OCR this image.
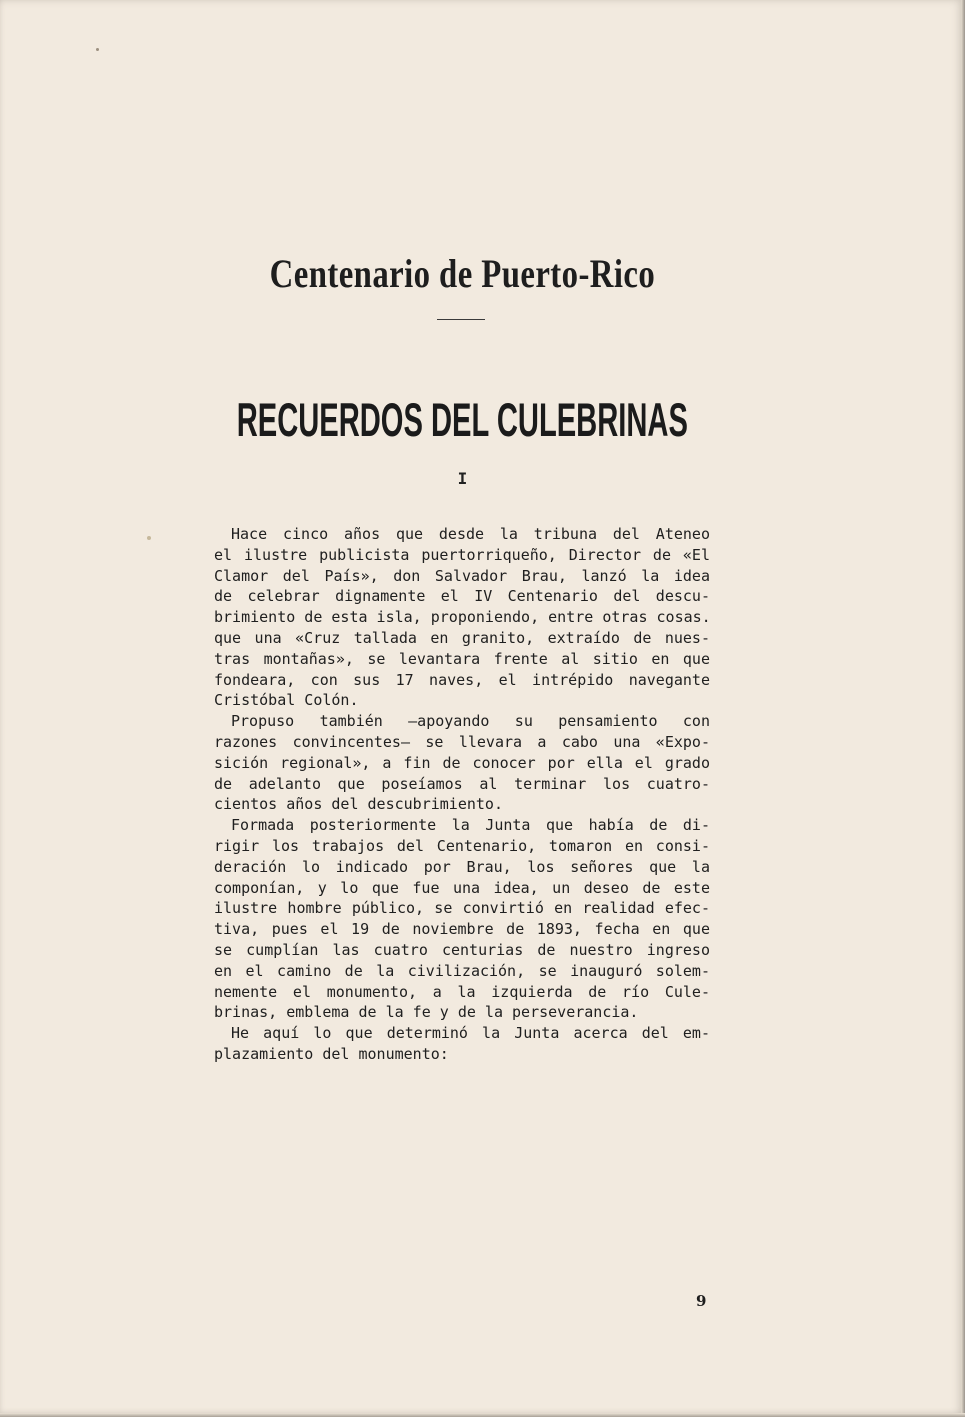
Centenario de Puerto-Rico
RECUERDOS DEL CULEBRINAS
I
Hace cinco años que desde la tribuna del Ateneo
el ilustre publicista puertorriqueño, Director de «El
Clamor del País», don Salvador Brau, lanzó la idea
de celebrar dignamente el IV Centenario del descu-
brimiento de esta isla, proponiendo, entre otras cosas.
que una «Cruz tallada en granito, extraído de nues-
tras montañas», se levantara frente al sitio en que
fondeara, con sus 17 naves, el intrépido navegante
Cristóbal Colón.
Propuso también —apoyando su pensamiento con
razones convincentes— se llevara a cabo una «Expo-
sición regional», a fin de conocer por ella el grado
de adelanto que poseíamos al terminar los cuatro-
cientos años del descubrimiento.
Formada posteriormente la Junta que había de di-
rigir los trabajos del Centenario, tomaron en consi-
deración lo indicado por Brau, los señores que la
componían, y lo que fue una idea, un deseo de este
ilustre hombre público, se convirtió en realidad efec-
tiva, pues el 19 de noviembre de 1893, fecha en que
se cumplían las cuatro centurias de nuestro ingreso
en el camino de la civilización, se inauguró solem-
nemente el monumento, a la izquierda de río Cule-
brinas, emblema de la fe y de la perseverancia.
He aquí lo que determinó la Junta acerca del em-
plazamiento del monumento:
9
